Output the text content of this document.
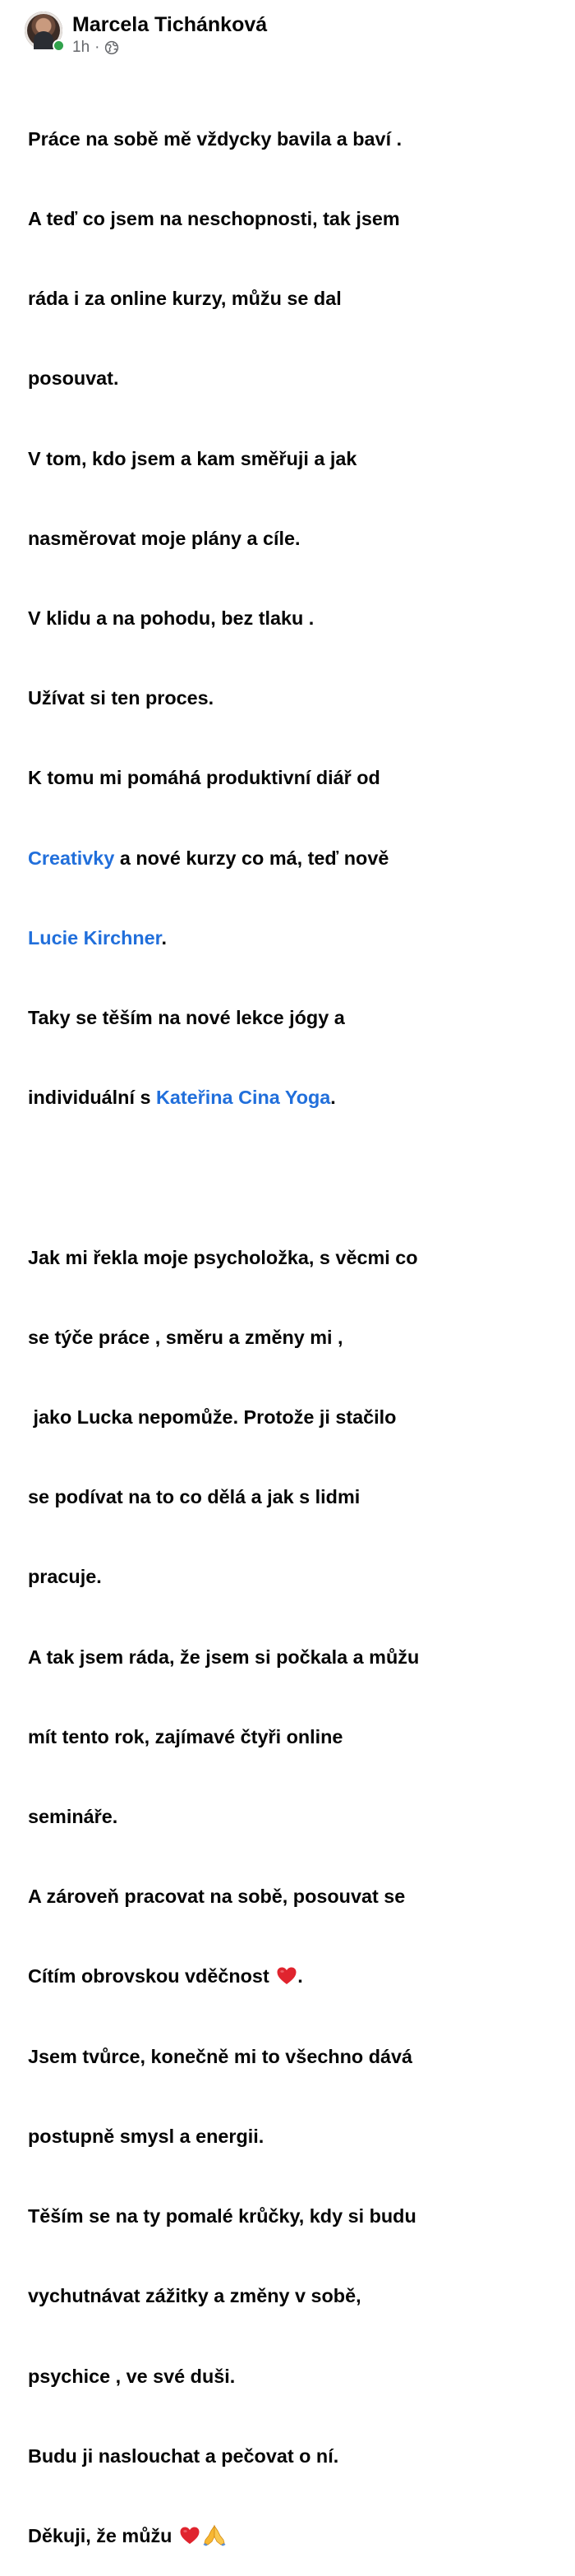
Marcela Tichánková
1h ·

Práce na sobě mě vždycky bavila a baví .

A teď co jsem na neschopnosti, tak jsem

ráda i za online kurzy, můžu se dal

posouvat.

V tom, kdo jsem a kam směřuji a jak

nasměrovat moje plány a cíle.

V klidu a na pohodu, bez tlaku .

Užívat si ten proces.

K tomu mi pomáhá produktivní diář od

Creativky a nové kurzy co má, teď nově

Lucie Kirchner.

Taky se těším na nové lekce jógy a

individuální s Kateřina Cina Yoga.

Jak mi řekla moje psycholožka, s věcmi co

se týče práce , směru a změny mi ,

jako Lucka nepomůže. Protože ji stačilo

se podívat na to co dělá a jak s lidmi

pracuje.

A tak jsem ráda, že jsem si počkala a můžu

mít tento rok, zajímavé čtyři online

semináře.

A zároveň pracovat na sobě, posouvat se

Cítím obrovskou vděčnost .

Jsem tvůrce, konečně mi to všechno dává

postupně smysl a energii.

Těším se na ty pomalé krůčky, kdy si budu

vychutnávat zážitky a změny v sobě,

psychice , ve své duši.

Budu ji naslouchat a pečovat o ní.

Děkuji, že můžu
